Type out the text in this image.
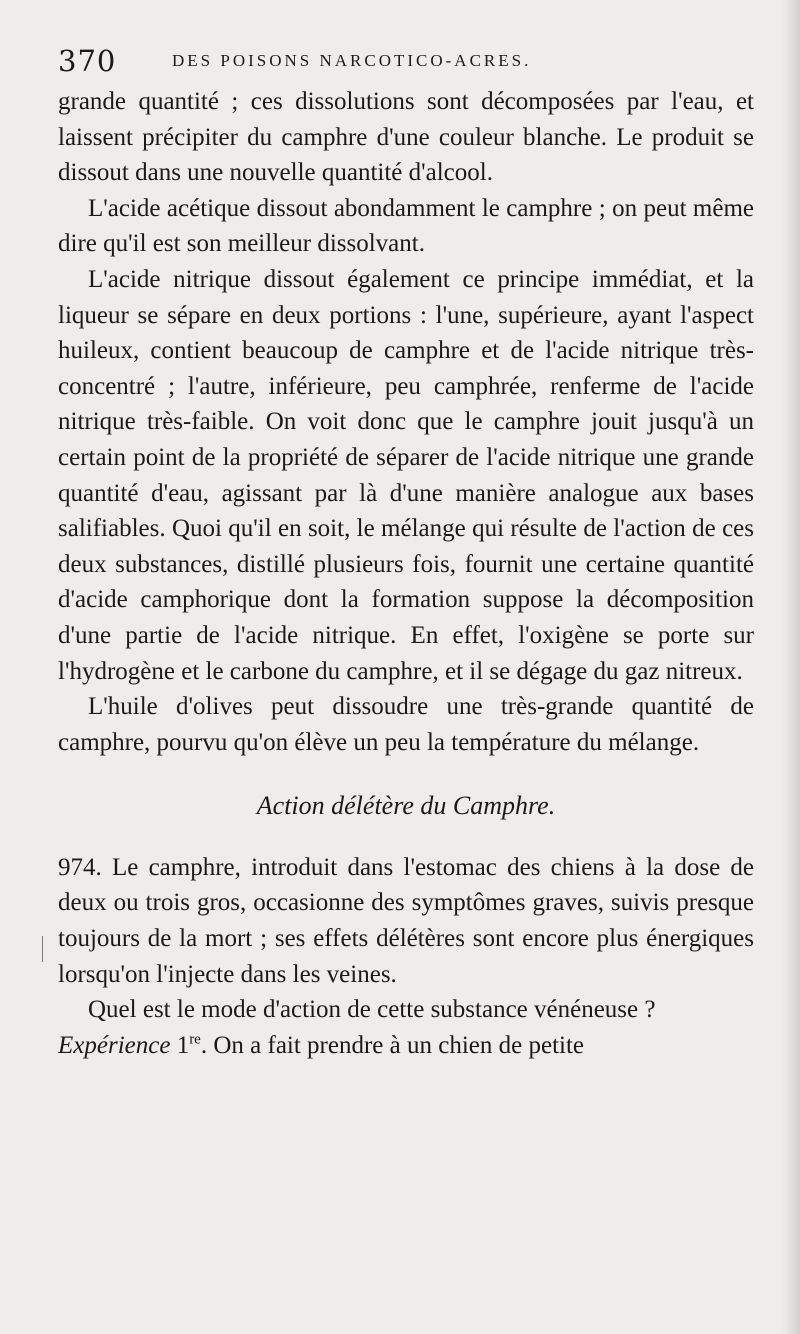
370	DES POISONS NARCOTICO-ACRES.

grande quantité ; ces dissolutions sont décomposées par l'eau, et laissent précipiter du camphre d'une couleur blanche. Le produit se dissout dans une nouvelle quantité d'alcool.

L'acide acétique dissout abondamment le camphre ; on peut même dire qu'il est son meilleur dissolvant.

L'acide nitrique dissout également ce principe immédiat, et la liqueur se sépare en deux portions : l'une, supérieure, ayant l'aspect huileux, contient beaucoup de camphre et de l'acide nitrique très-concentré ; l'autre, inférieure, peu camphrée, renferme de l'acide nitrique très-faible. On voit donc que le camphre jouit jusqu'à un certain point de la propriété de séparer de l'acide nitrique une grande quantité d'eau, agissant par là d'une manière analogue aux bases salifiables. Quoi qu'il en soit, le mélange qui résulte de l'action de ces deux substances, distillé plusieurs fois, fournit une certaine quantité d'acide camphorique dont la formation suppose la décomposition d'une partie de l'acide nitrique. En effet, l'oxigène se porte sur l'hydrogène et le carbone du camphre, et il se dégage du gaz nitreux.

L'huile d'olives peut dissoudre une très-grande quantité de camphre, pourvu qu'on élève un peu la température du mélange.

Action délétère du Camphre.

974. Le camphre, introduit dans l'estomac des chiens à la dose de deux ou trois gros, occasionne des symptômes graves, suivis presque toujours de la mort ; ses effets délétères sont encore plus énergiques lorsqu'on l'injecte dans les veines.

Quel est le mode d'action de cette substance vénéneuse ?

Expérience 1re. On a fait prendre à un chien de petite
